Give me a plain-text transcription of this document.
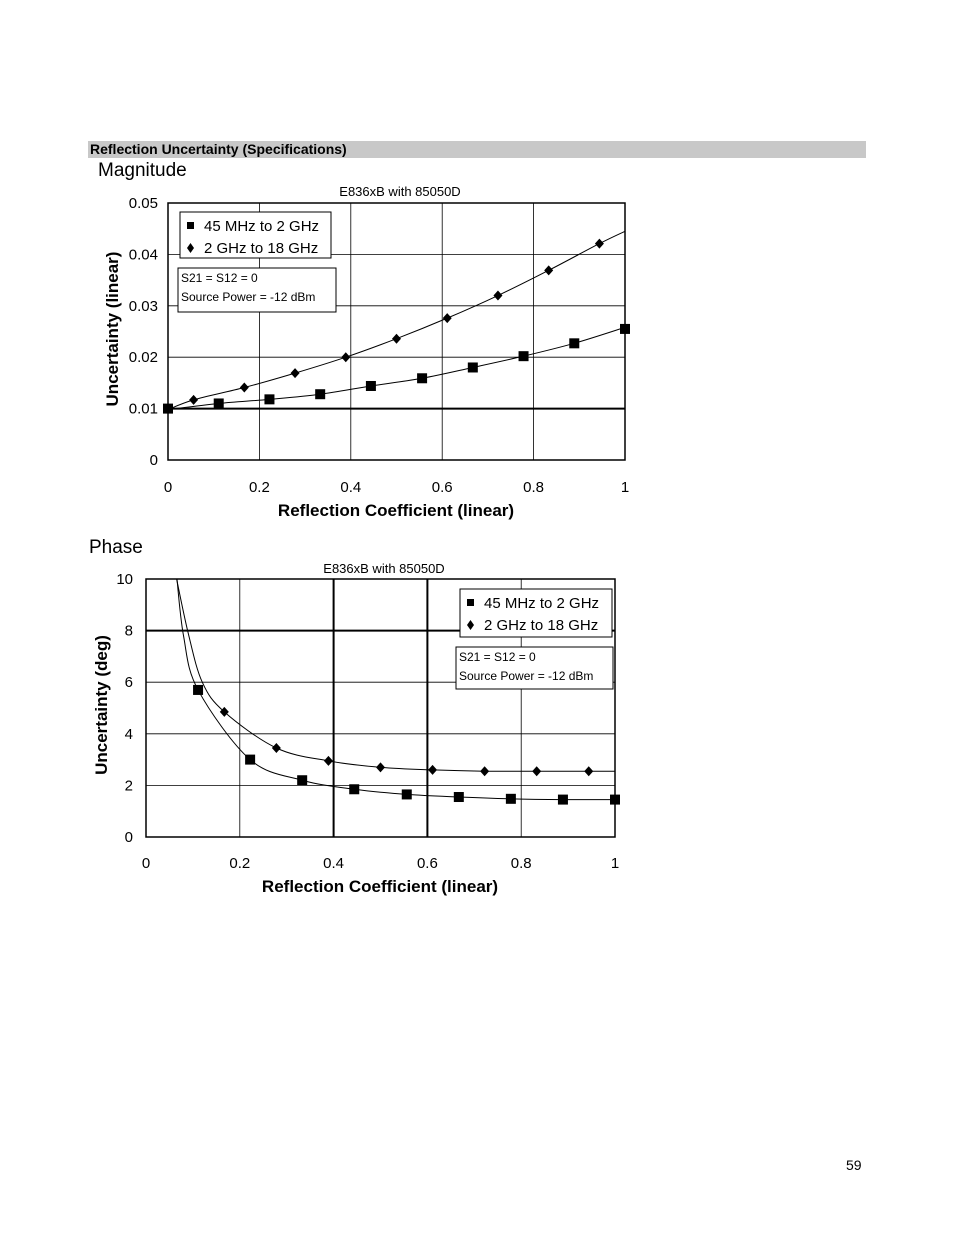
Reflection Uncertainty (Specifications)
Magnitude
Phase
0	0.2	0.4	0.6	0.8	1
0
0.01
0.02
0.03
0.04
0.05
E836xB with 85050D
Reflection Coefficient (linear)
Uncertainty (linear)
45 MHz to 2 GHz
2 GHz to 18 GHz
S21 = S12 = 0
Source Power = -12 dBm
0	0.2	0.4	0.6	0.8	1
0
2
4
6
8
10
E836xB with 85050D
Reflection Coefficient (linear)
Uncertainty (deg)
45 MHz to 2 GHz
2 GHz to 18 GHz
S21 = S12 = 0
Source Power = -12 dBm
59
